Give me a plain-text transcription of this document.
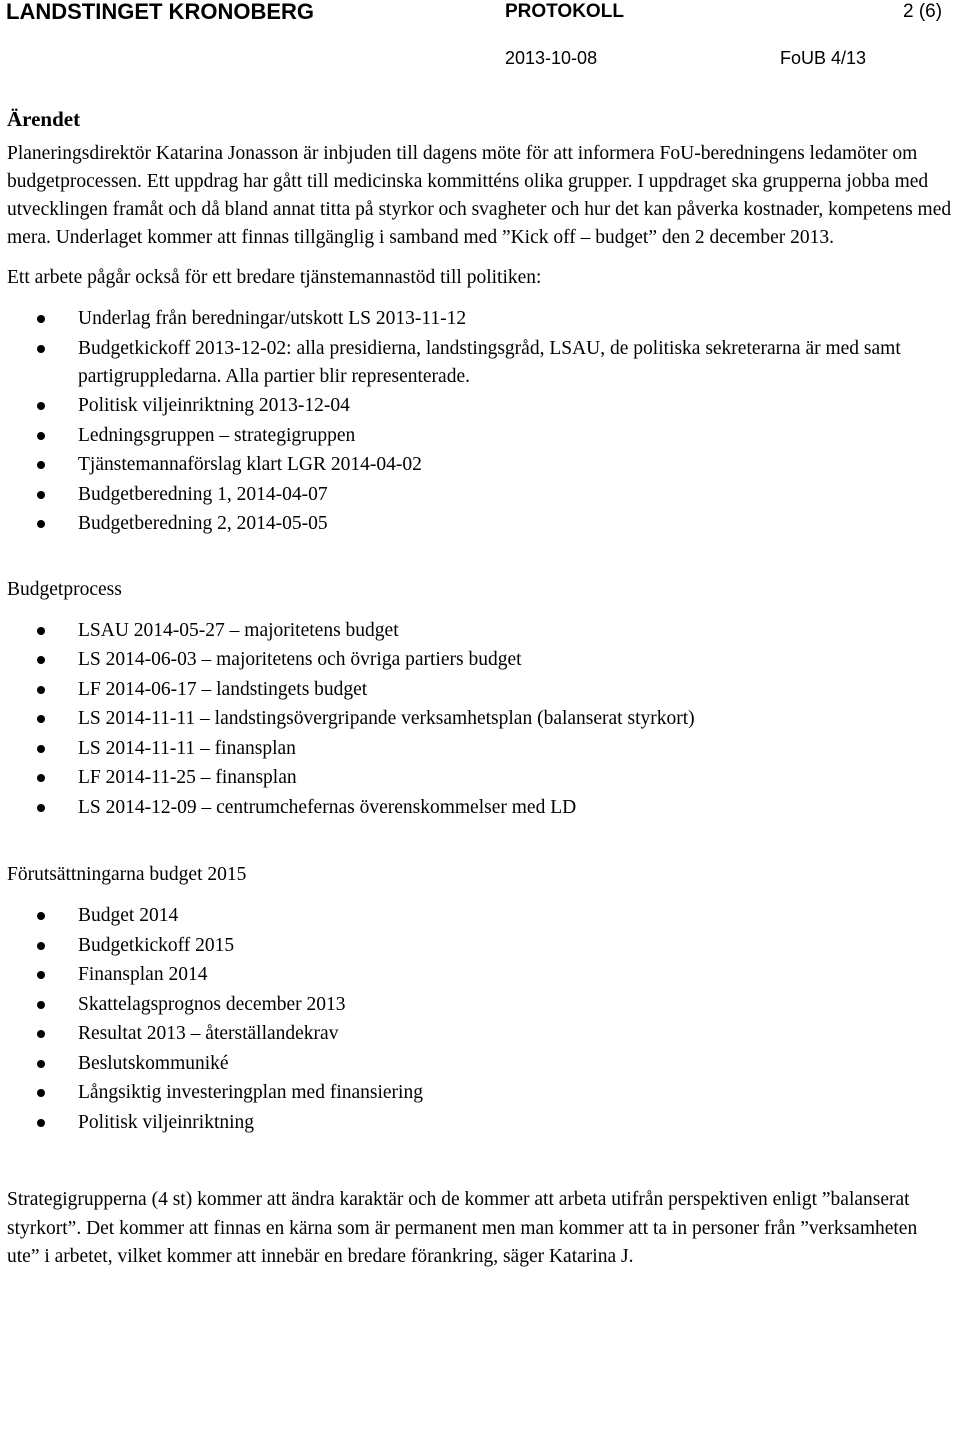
LANDSTINGET KRONOBERG	PROTOKOLL	2 (6)
2013-10-08	FoUB 4/13
Ärendet

Planeringsdirektör Katarina Jonasson är inbjuden till dagens möte för att informera FoU-beredningens ledamöter om budgetprocessen. Ett uppdrag har gått till medicinska kommitténs olika grupper. I uppdraget ska grupperna jobba med utvecklingen framåt och då bland annat titta på styrkor och svagheter och hur det kan påverka kostnader, kompetens med mera. Underlaget kommer att finnas tillgänglig i samband med ”Kick off – budget” den 2 december 2013.

Ett arbete pågår också för ett bredare tjänstemannastöd till politiken:

Underlag från beredningar/utskott LS 2013-11-12
Budgetkickoff 2013-12-02: alla presidierna, landstingsgråd, LSAU, de politiska sekreterarna är med samt partigruppledarna. Alla partier blir representerade.
Politisk viljeinriktning 2013-12-04
Ledningsgruppen – strategigruppen
Tjänstemannaförslag klart LGR 2014-04-02
Budgetberedning 1, 2014-04-07
Budgetberedning 2, 2014-05-05

Budgetprocess

LSAU 2014-05-27 – majoritetens budget
LS 2014-06-03 – majoritetens och övriga partiers budget
LF 2014-06-17 – landstingets budget
LS 2014-11-11 – landstingsövergripande verksamhetsplan (balanserat styrkort)
LS 2014-11-11 – finansplan
LF 2014-11-25 – finansplan
LS 2014-12-09 – centrumchefernas överenskommelser med LD

Förutsättningarna budget 2015

Budget 2014
Budgetkickoff 2015
Finansplan 2014
Skattelagsprognos december 2013
Resultat 2013 – återställandekrav
Beslutskommuniké
Långsiktig investeringplan med finansiering
Politisk viljeinriktning

Strategigrupperna (4 st) kommer att ändra karaktär och de kommer att arbeta utifrån perspektiven enligt ”balanserat styrkort”. Det kommer att finnas en kärna som är permanent men man kommer att ta in personer från ”verksamheten ute” i arbetet, vilket kommer att innebär en bredare förankring, säger Katarina J.
